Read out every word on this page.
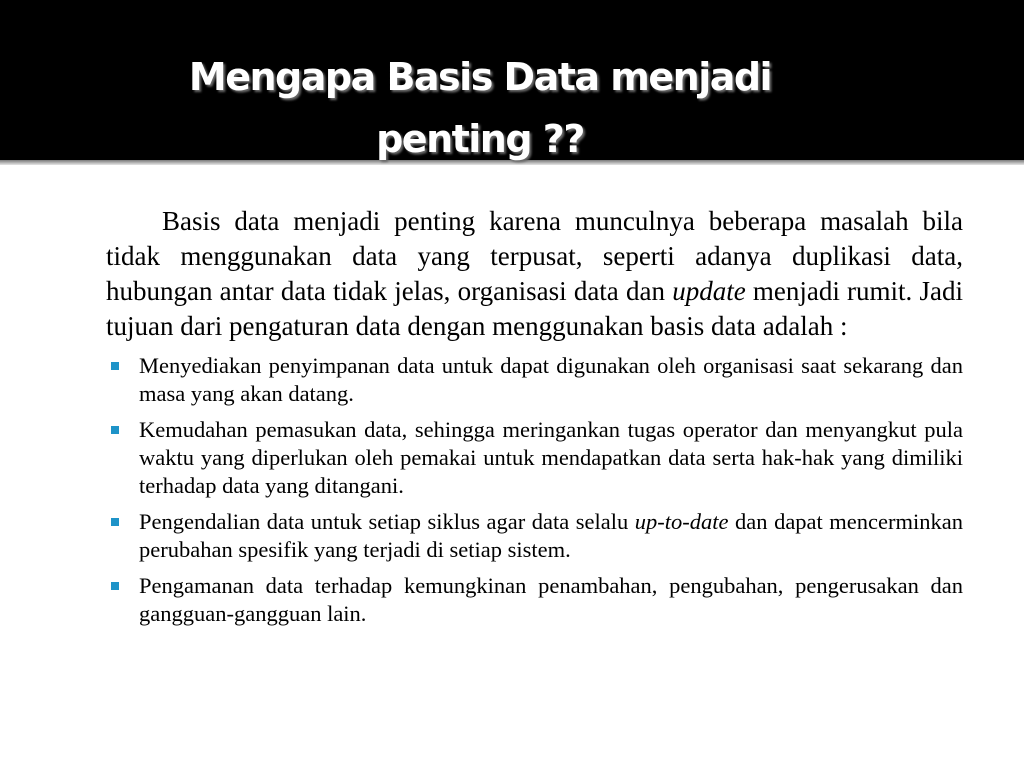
Mengapa Basis Data menjadi
penting ??

Basis data menjadi penting karena munculnya beberapa masalah bila tidak menggunakan data yang terpusat, seperti adanya duplikasi data, hubungan antar data tidak jelas, organisasi data dan update menjadi rumit. Jadi tujuan dari pengaturan data dengan menggunakan basis data adalah :

Menyediakan penyimpanan data untuk dapat digunakan oleh organisasi saat sekarang dan masa yang akan datang.
Kemudahan pemasukan data, sehingga meringankan tugas operator dan menyangkut pula waktu yang diperlukan oleh pemakai untuk mendapatkan data serta hak-hak yang dimiliki terhadap data yang ditangani.
Pengendalian data untuk setiap siklus agar data selalu up-to-date dan dapat mencerminkan perubahan spesifik yang terjadi di setiap sistem.
Pengamanan data terhadap kemungkinan penambahan, pengubahan, pengerusakan dan gangguan-gangguan lain.
